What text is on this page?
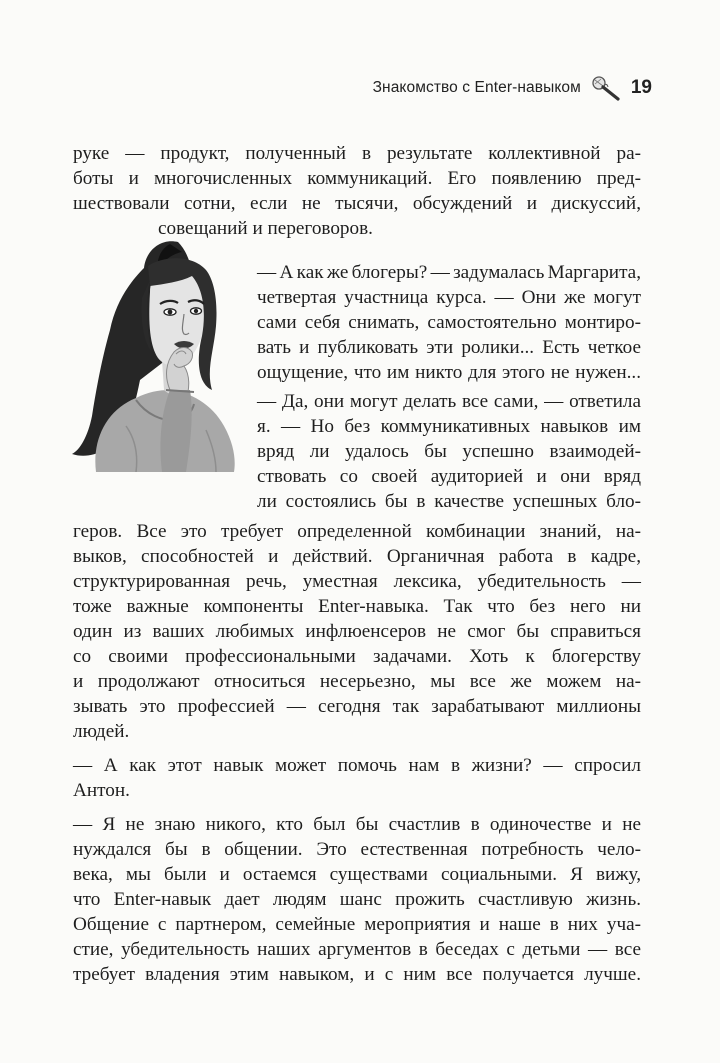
Знакомство с Enter-навыком	19
руке — продукт, полученный в результате коллективной ра-
боты и многочисленных коммуникаций. Его появлению пред-
шествовали сотни, если не тысячи, обсуждений и дискуссий,
совещаний и переговоров.
— А как же блогеры? — задумалась Маргарита,
четвертая участница курса. — Они же могут
сами себя снимать, самостоятельно монтиро-
вать и публиковать эти ролики... Есть четкое
ощущение, что им никто для этого не нужен...
— Да, они могут делать все сами, — ответила
я. — Но без коммуникативных навыков им
вряд ли удалось бы успешно взаимодей-
ствовать со своей аудиторией и они вряд
ли состоялись бы в качестве успешных бло-
геров. Все это требует определенной комбинации знаний, на-
выков, способностей и действий. Органичная работа в кадре,
структурированная речь, уместная лексика, убедительность —
тоже важные компоненты Enter-навыка. Так что без него ни
один из ваших любимых инфлюенсеров не смог бы справиться
со своими профессиональными задачами. Хоть к блогерству
и продолжают относиться несерьезно, мы все же можем на-
зывать это профессией — сегодня так зарабатывают миллионы
людей.
— А как этот навык может помочь нам в жизни? — спросил
Антон.
— Я не знаю никого, кто был бы счастлив в одиночестве и не
нуждался бы в общении. Это естественная потребность чело-
века, мы были и остаемся существами социальными. Я вижу,
что Enter-навык дает людям шанс прожить счастливую жизнь.
Общение с партнером, семейные мероприятия и наше в них уча-
стие, убедительность наших аргументов в беседах с детьми — все
требует владения этим навыком, и с ним все получается лучше.
